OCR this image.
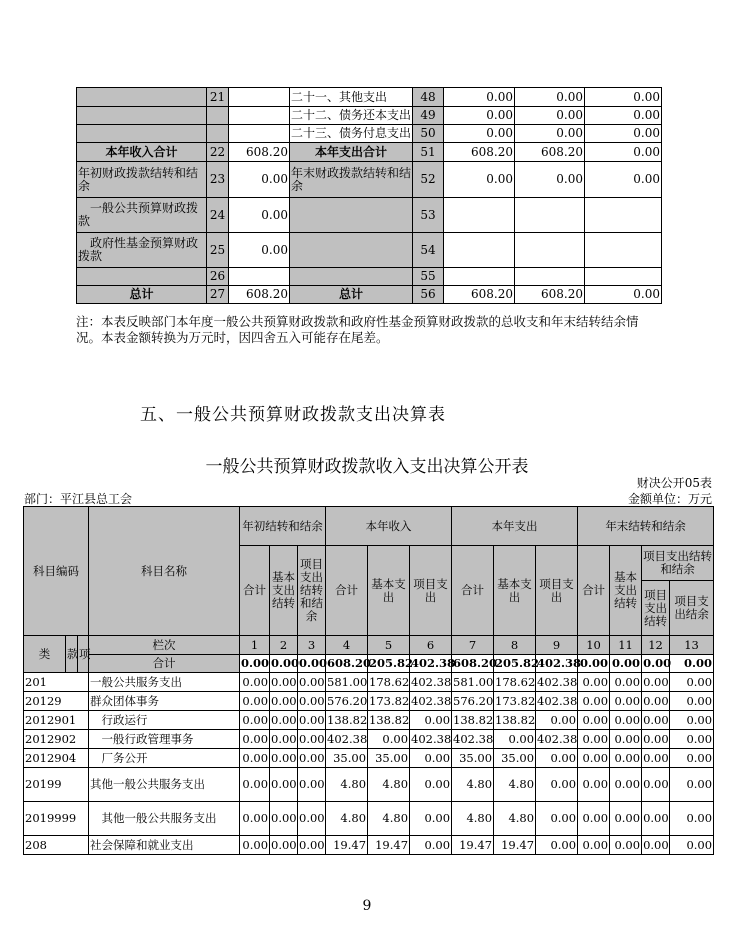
	21		二十一、其他支出	48	0.00	0.00	0.00
			二十二、债务还本支出	49	0.00	0.00	0.00
			二十三、债务付息支出	50	0.00	0.00	0.00
本年收入合计	22	608.20	本年支出合计	51	608.20	608.20	0.00
年初财政拨款结转和结余	23	0.00	年末财政拨款结转和结余	52	0.00	0.00	0.00
　一般公共预算财政拨款	24	0.00		53			
　政府性基金预算财政拨款	25	0.00		54			
	26			55			
总计	27	608.20	总计	56	608.20	608.20	0.00
注：本表反映部门本年度一般公共预算财政拨款和政府性基金预算财政拨款的总收支和年末结转结余情况。本表金额转换为万元时，因四舍五入可能存在尾差。
五、一般公共预算财政拨款支出决算表
一般公共预算财政拨款收入支出决算公开表
财决公开05表
部门：平江县总工会	金额单位：万元
科目编码			科目名称	年初结转和结余			本年收入			本年支出			年末结转和结余			
				合计	基本支出结转	项目支出结转和结余	合计	基本支出	项目支出	合计	基本支出	项目支出	合计	基本支出结转	项目支出结转和结余	
															项目支出结转	项目支出结余
类	款	项	栏次	1	2	3	4	5	6	7	8	9	10	11	12	13
			合计	0.00	0.00	0.00	608.20	205.82	402.38	608.20	205.82	402.38	0.00	0.00	0.00	0.00
201			一般公共服务支出	0.00	0.00	0.00	581.00	178.62	402.38	581.00	178.62	402.38	0.00	0.00	0.00	0.00
20129			群众团体事务	0.00	0.00	0.00	576.20	173.82	402.38	576.20	173.82	402.38	0.00	0.00	0.00	0.00
2012901			　行政运行	0.00	0.00	0.00	138.82	138.82	0.00	138.82	138.82	0.00	0.00	0.00	0.00	0.00
2012902			　一般行政管理事务	0.00	0.00	0.00	402.38	0.00	402.38	402.38	0.00	402.38	0.00	0.00	0.00	0.00
2012904			　厂务公开	0.00	0.00	0.00	35.00	35.00	0.00	35.00	35.00	0.00	0.00	0.00	0.00	0.00
20199			其他一般公共服务支出	0.00	0.00	0.00	4.80	4.80	0.00	4.80	4.80	0.00	0.00	0.00	0.00	0.00
2019999			　其他一般公共服务支出	0.00	0.00	0.00	4.80	4.80	0.00	4.80	4.80	0.00	0.00	0.00	0.00	0.00
208			社会保障和就业支出	0.00	0.00	0.00	19.47	19.47	0.00	19.47	19.47	0.00	0.00	0.00	0.00	0.00
9
